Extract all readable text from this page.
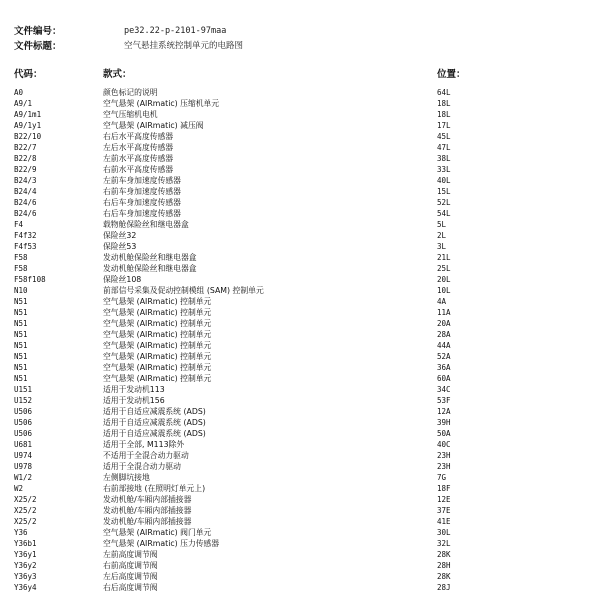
文件编号：	pe32.22-p-2101-97maa
文件标题：	空气悬挂系统控制单元的电路图
代码：	款式：	位置：
A0	颜色标记的说明	64L
A9/1	空气悬架 (AIRmatic) 压缩机单元	18L
A9/1m1	空气压缩机电机	18L
A9/1y1	空气悬架 (AIRmatic) 减压阀	17L
B22/10	右后水平高度传感器	45L
B22/7	左后水平高度传感器	47L
B22/8	左前水平高度传感器	38L
B22/9	右前水平高度传感器	33L
B24/3	左前车身加速度传感器	40L
B24/4	右前车身加速度传感器	15L
B24/6	右后车身加速度传感器	52L
B24/6	右后车身加速度传感器	54L
F4	载物舱保险丝和继电器盒	5L
F4f32	保险丝32	2L
F4f53	保险丝53	3L
F58	发动机舱保险丝和继电器盒	21L
F58	发动机舱保险丝和继电器盒	25L
F58f108	保险丝108	20L
N10	前部信号采集及促动控制模组 (SAM) 控制单元	10L
N51	空气悬架 (AIRmatic) 控制单元	4A
N51	空气悬架 (AIRmatic) 控制单元	11A
N51	空气悬架 (AIRmatic) 控制单元	20A
N51	空气悬架 (AIRmatic) 控制单元	28A
N51	空气悬架 (AIRmatic) 控制单元	44A
N51	空气悬架 (AIRmatic) 控制单元	52A
N51	空气悬架 (AIRmatic) 控制单元	36A
N51	空气悬架 (AIRmatic) 控制单元	60A
U151	适用于发动机113	34C
U152	适用于发动机156	53F
U506	适用于自适应减震系统 (ADS)	12A
U506	适用于自适应减震系统 (ADS)	39H
U506	适用于自适应减震系统 (ADS)	50A
U681	适用于全部, M113除外	40C
U974	不适用于全混合动力驱动	23H
U978	适用于全混合动力驱动	23H
W1/2	左侧脚坑接地	7G
W2	右前部接地 (在照明灯单元上)	18F
X25/2	发动机舱/车厢内部插接器	12E
X25/2	发动机舱/车厢内部插接器	37E
X25/2	发动机舱/车厢内部插接器	41E
Y36	空气悬架 (AIRmatic) 阀门单元	30L
Y36b1	空气悬架 (AIRmatic) 压力传感器	32L
Y36y1	左前高度调节阀	28K
Y36y2	右前高度调节阀	28H
Y36y3	左后高度调节阀	28K
Y36y4	右后高度调节阀	28J
